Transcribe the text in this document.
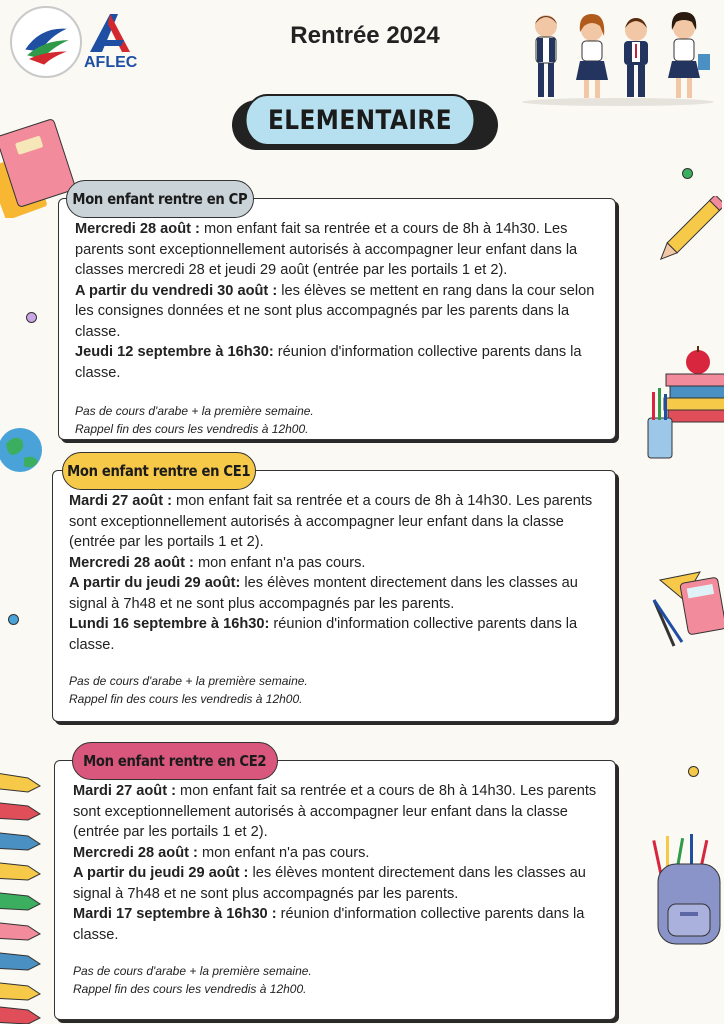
AFLEC
Rentrée 2024
ELEMENTAIRE
Mercredi 28 août : mon enfant fait sa rentrée et a cours de 8h à 14h30. Les parents sont exceptionnellement autorisés à accompagner leur enfant dans la classes mercredi 28 et jeudi 29 août (entrée par les portails 1 et 2).
A partir du vendredi 30 août : les élèves se mettent en rang dans la cour selon les consignes données et ne sont plus accompagnés par les parents dans la classe.
Jeudi 12 septembre à 16h30: réunion d'information collective parents dans la classe.
Pas de cours d'arabe + la première semaine.
Rappel fin des cours les vendredis à 12h00.
Mon enfant rentre en CP
Mardi 27 août : mon enfant fait sa rentrée et a cours de 8h à 14h30. Les parents sont exceptionnellement autorisés à accompagner leur enfant dans la classe (entrée par les portails 1 et 2).
Mercredi 28 août : mon enfant n'a pas cours.
A partir du jeudi 29 août: les élèves montent directement dans les classes au signal à 7h48 et ne sont plus accompagnés par les parents.
Lundi 16 septembre à 16h30: réunion d'information collective parents dans la classe.
Pas de cours d'arabe + la première semaine.
Rappel fin des cours les vendredis à 12h00.
Mon enfant rentre en CE1
Mardi 27 août : mon enfant fait sa rentrée et a cours de 8h à 14h30. Les parents sont exceptionnellement autorisés à accompagner leur enfant dans la classe (entrée par les portails 1 et 2).
Mercredi 28 août : mon enfant n'a pas cours.
A partir du jeudi 29 août : les élèves montent directement dans les classes au signal à 7h48 et ne sont plus accompagnés par les parents.
Mardi 17 septembre à 16h30 : réunion d'information collective parents dans la classe.
Pas de cours d'arabe + la première semaine.
Rappel fin des cours les vendredis à 12h00.
Mon enfant rentre en CE2
